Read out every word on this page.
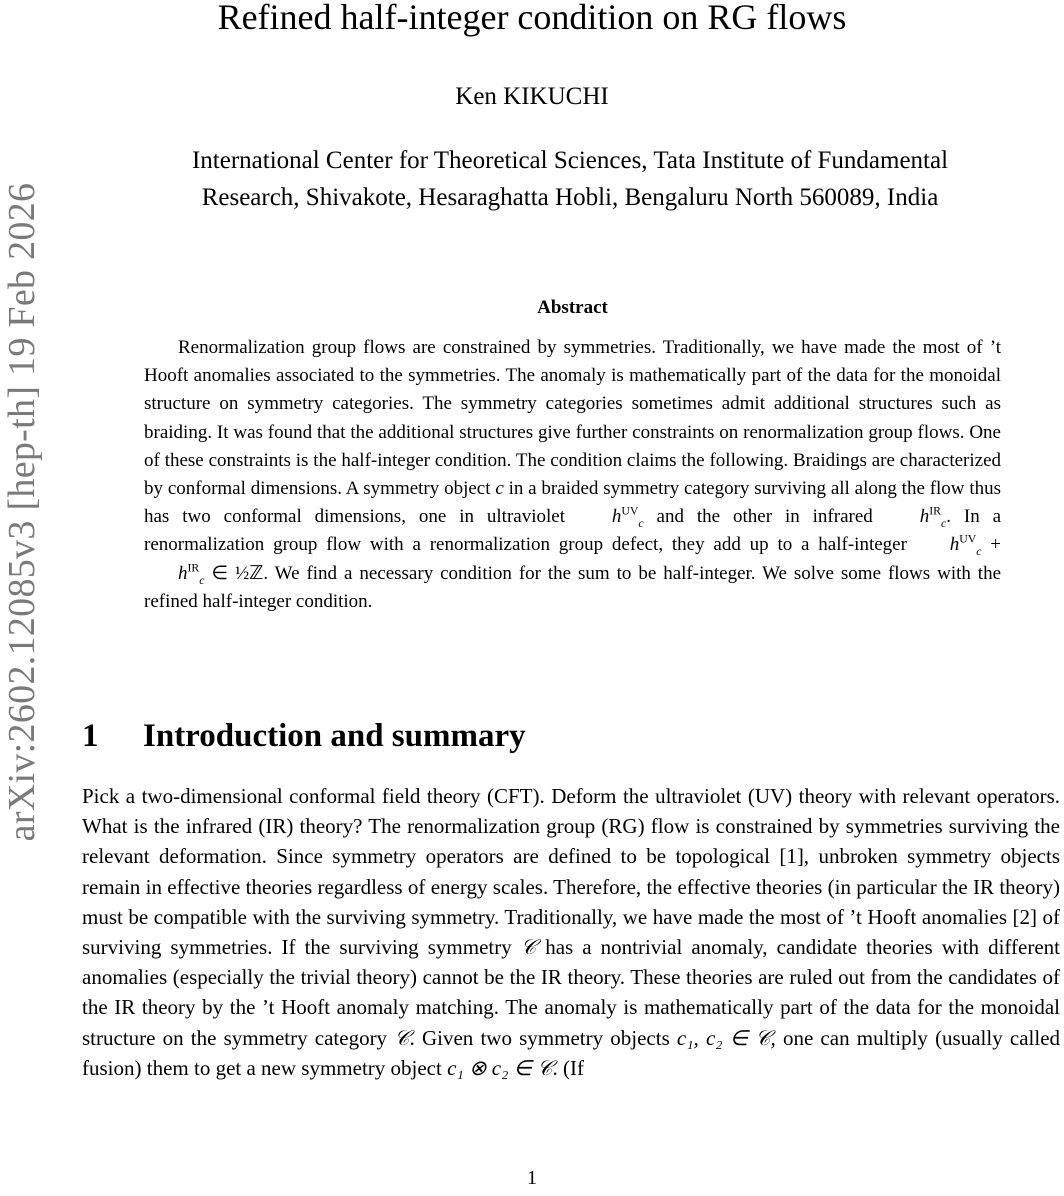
arXiv:2602.12085v3 [hep-th] 19 Feb 2026
Refined half-integer condition on RG flows
Ken KIKUCHI
International Center for Theoretical Sciences, Tata Institute of Fundamental
Research, Shivakote, Hesaraghatta Hobli, Bengaluru North 560089, India
Abstract
Renormalization group flows are constrained by symmetries. Traditionally, we have made the most of ’t Hooft anomalies associated to the symmetries. The anomaly is mathematically part of the data for the monoidal structure on symmetry categories. The symmetry categories sometimes admit additional structures such as braiding. It was found that the additional structures give further constraints on renormalization group flows. One of these constraints is the half-integer condition. The condition claims the following. Braidings are characterized by conformal dimensions. A symmetry object c in a braided symmetry category surviving all along the flow thus has two conformal dimensions, one in ultraviolet $h^{UV}_c$ and the other in infrared $h^{IR}_c$. In a renormalization group flow with a renormalization group defect, they add up to a half-integer $h^{UV}_c + h^{IR}_c$ ∈ ½ℤ. We find a necessary condition for the sum to be half-integer. We solve some flows with the refined half-integer condition.
1 Introduction and summary
Pick a two-dimensional conformal field theory (CFT). Deform the ultraviolet (UV) theory with relevant operators. What is the infrared (IR) theory? The renormalization group (RG) flow is constrained by symmetries surviving the relevant deformation. Since symmetry operators are defined to be topological [1], unbroken symmetry objects remain in effective theories regardless of energy scales. Therefore, the effective theories (in particular the IR theory) must be compatible with the surviving symmetry. Traditionally, we have made the most of ’t Hooft anomalies [2] of surviving symmetries. If the surviving symmetry 𝒞 has a nontrivial anomaly, candidate theories with different anomalies (especially the trivial theory) cannot be the IR theory. These theories are ruled out from the candidates of the IR theory by the ’t Hooft anomaly matching. The anomaly is mathematically part of the data for the monoidal structure on the symmetry category 𝒞. Given two symmetry objects c₁, c₂ ∈ 𝒞, one can multiply (usually called fusion) them to get a new symmetry object c₁ ⊗ c₂ ∈ 𝒞. (If
1
